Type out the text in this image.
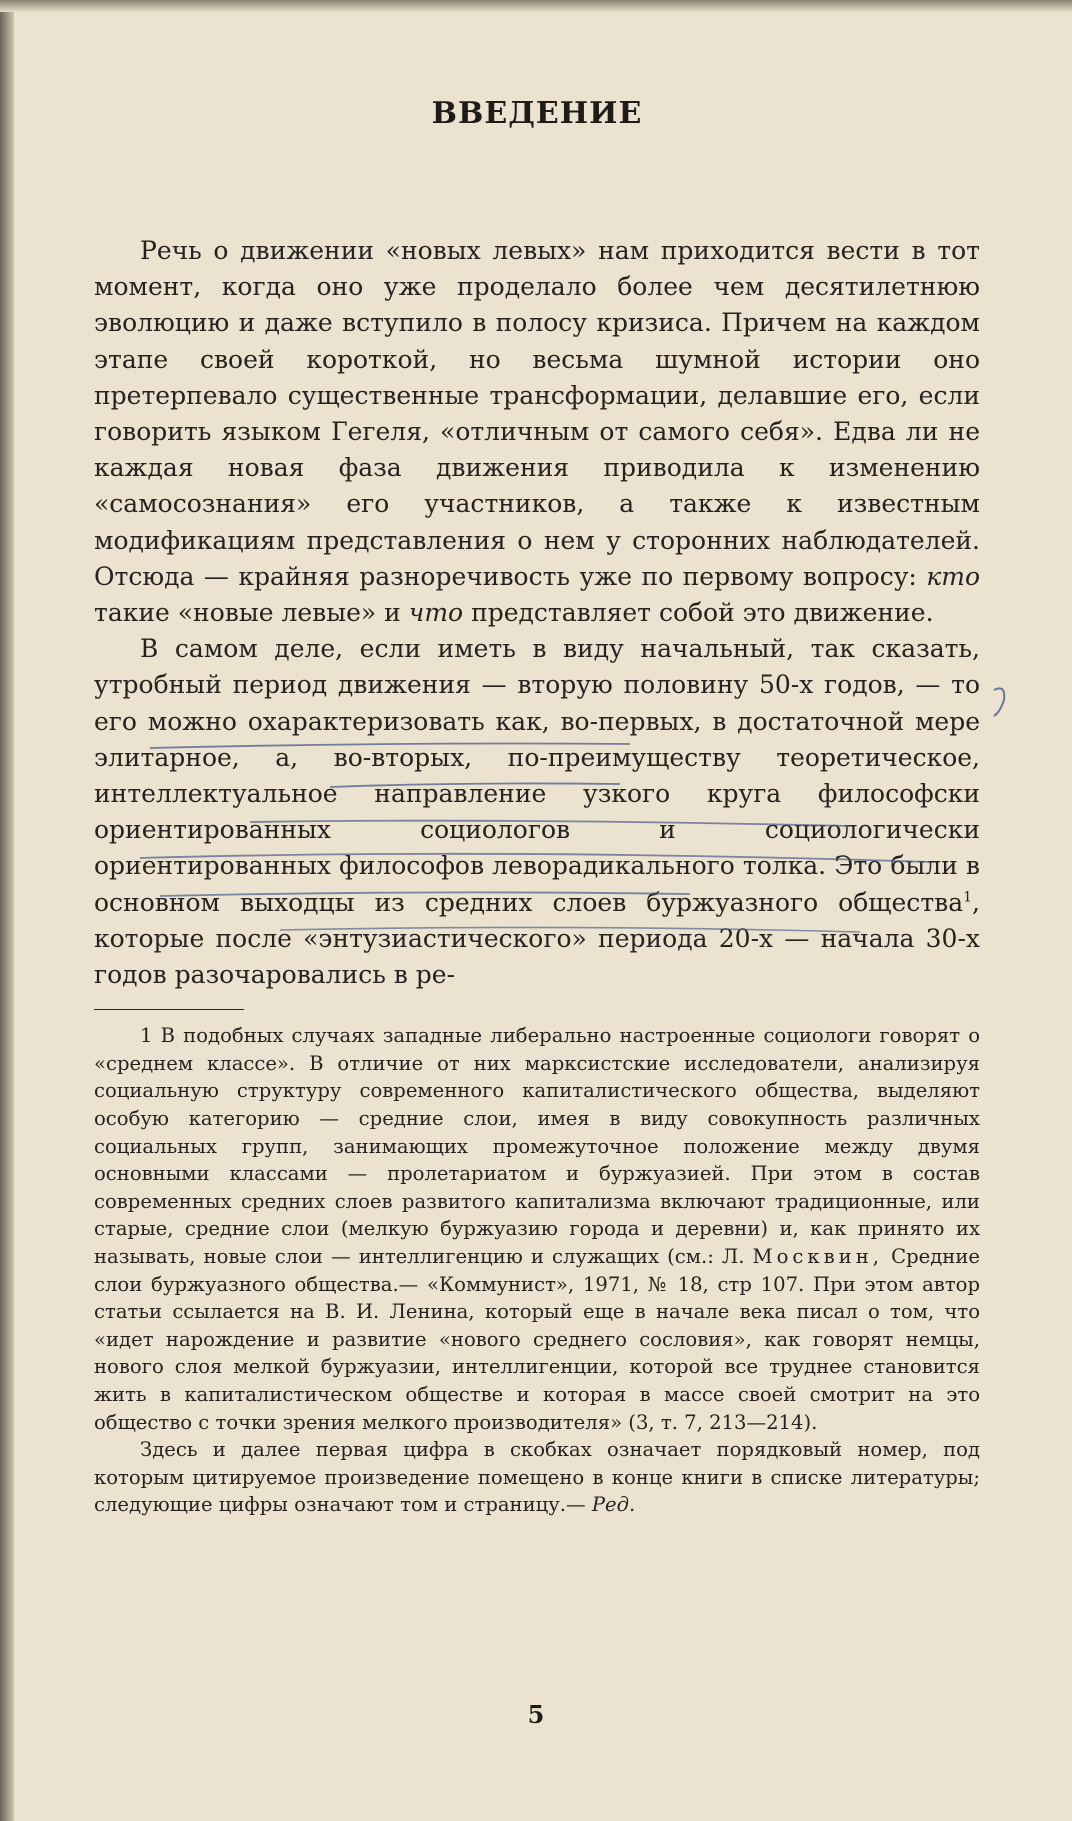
ВВЕДЕНИЕ

Речь о движении «новых левых» нам приходится вести в тот момент, когда оно уже проделало более чем десятилетнюю эволюцию и даже вступило в полосу кризиса. Причем на каждом этапе своей короткой, но весьма шумной истории оно претерпевало существенные трансформации, делавшие его, если говорить языком Гегеля, «отличным от самого себя». Едва ли не каждая новая фаза движения приводила к изменению «самосознания» его участников, а также к известным модификациям представления о нем у сторонних наблюдателей. Отсюда — крайняя разноречивость уже по первому вопросу: кто такие «новые левые» и что представляет собой это движение.

В самом деле, если иметь в виду начальный, так сказать, утробный период движения — вторую половину 50-х годов, — то его можно охарактеризовать как, во-первых, в достаточной мере элитарное, а, во-вторых, по-преимуществу теоретическое, интеллектуальное направление узкого круга философски ориентированных социологов и социологически ориентированных философов леворадикального толка. Это были в основном выходцы из средних слоев буржуазного общества$^1$, которые после «энтузиастического» периода 20-х — начала 30-х годов разочаровались в ре-

1 В подобных случаях западные либерально настроенные социологи говорят о «среднем классе». В отличие от них марксистские исследователи, анализируя социальную структуру современного капиталистического общества, выделяют особую категорию — средние слои, имея в виду совокупность различных социальных групп, занимающих промежуточное положение между двумя основными классами — пролетариатом и буржуазией. При этом в состав современных средних слоев развитого капитализма включают традиционные, или старые, средние слои (мелкую буржуазию города и деревни) и, как принято их называть, новые слои — интеллигенцию и служащих (см.: Л. Москвин, Средние слои буржуазного общества.— «Коммунист», 1971, № 18, стр 107. При этом автор статьи ссылается на В. И. Ленина, который еще в начале века писал о том, что «идет нарождение и развитие «нового среднего сословия», как говорят немцы, нового слоя мелкой буржуазии, интеллигенции, которой все труднее становится жить в капиталистическом обществе и которая в массе своей смотрит на это общество с точки зрения мелкого производителя» (3, т. 7, 213—214).

Здесь и далее первая цифра в скобках означает порядковый номер, под которым цитируемое произведение помещено в конце книги в списке литературы; следующие цифры означают том и страницу.— Ред.

5
